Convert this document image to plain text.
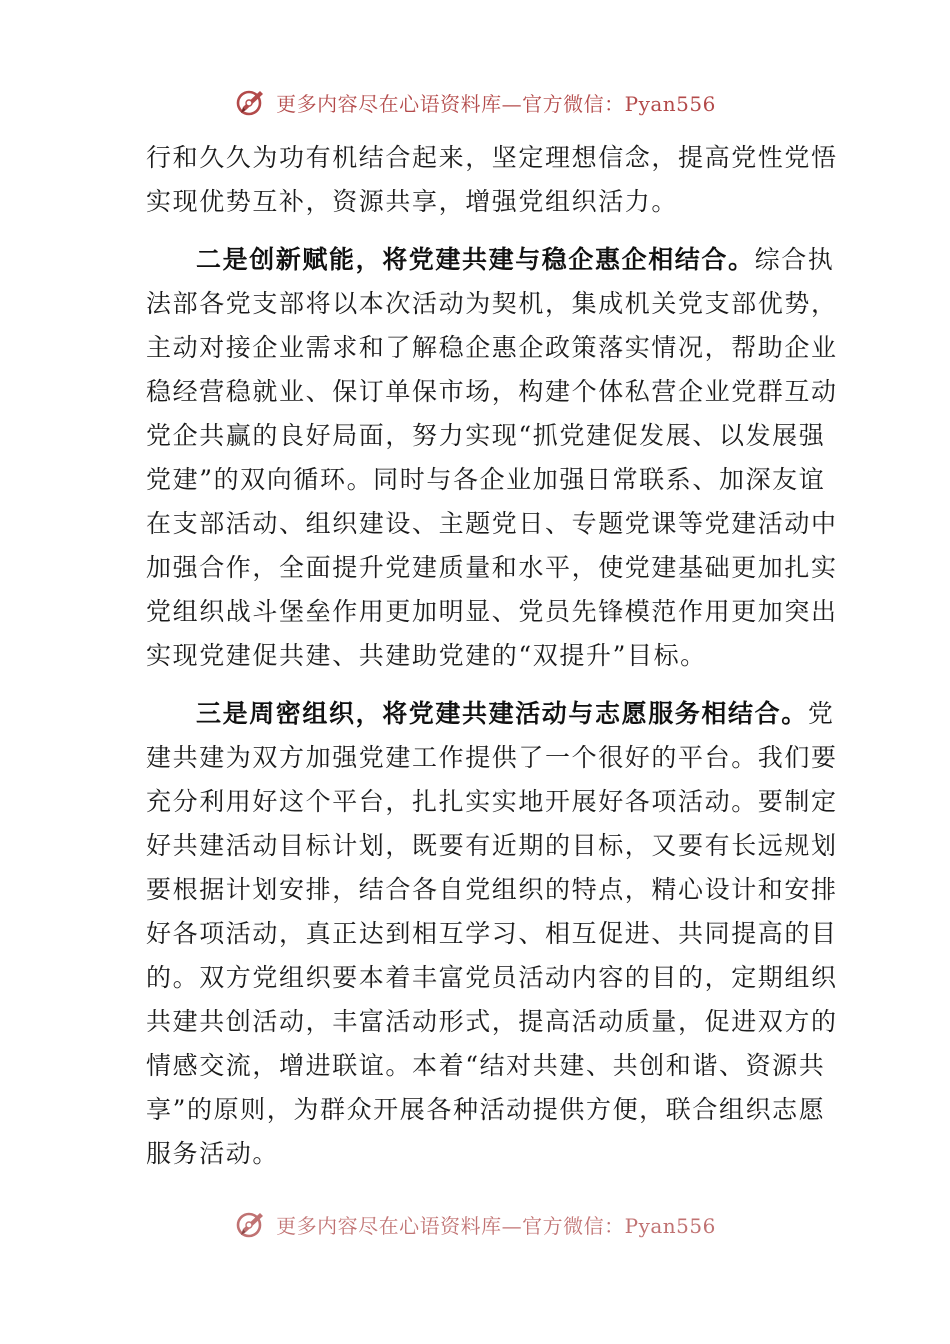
更多内容尽在心语资料库—官方微信：Pyan556
行和久久为功有机结合起来，坚定理想信念，提高党性党悟
实现优势互补，资源共享，增强党组织活力。
二是创新赋能，将党建共建与稳企惠企相结合。综合执
法部各党支部将以本次活动为契机，集成机关党支部优势，
主动对接企业需求和了解稳企惠企政策落实情况，帮助企业
稳经营稳就业、保订单保市场，构建个体私营企业党群互动
党企共赢的良好局面，努力实现“抓党建促发展、以发展强
党建”的双向循环。同时与各企业加强日常联系、加深友谊
在支部活动、组织建设、主题党日、专题党课等党建活动中
加强合作，全面提升党建质量和水平，使党建基础更加扎实
党组织战斗堡垒作用更加明显、党员先锋模范作用更加突出
实现党建促共建、共建助党建的“双提升”目标。
三是周密组织，将党建共建活动与志愿服务相结合。党
建共建为双方加强党建工作提供了一个很好的平台。我们要
充分利用好这个平台，扎扎实实地开展好各项活动。要制定
好共建活动目标计划，既要有近期的目标，又要有长远规划
要根据计划安排，结合各自党组织的特点，精心设计和安排
好各项活动，真正达到相互学习、相互促进、共同提高的目
的。双方党组织要本着丰富党员活动内容的目的，定期组织
共建共创活动，丰富活动形式，提高活动质量，促进双方的
情感交流，增进联谊。本着“结对共建、共创和谐、资源共
享”的原则，为群众开展各种活动提供方便，联合组织志愿
服务活动。
更多内容尽在心语资料库—官方微信：Pyan556
